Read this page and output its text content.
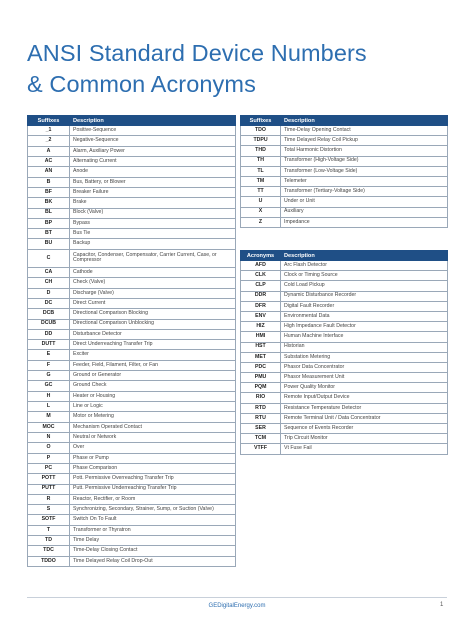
ANSI Standard Device Numbers
& Common Acronyms
Suffixes	Description
_1	Positive-Sequence
_2	Negative-Sequence
A	Alarm, Auxiliary Power
AC	Alternating Current
AN	Anode
B	Bus, Battery, or Blower
BF	Breaker Failure
BK	Brake
BL	Block (Valve)
BP	Bypass
BT	Bus Tie
BU	Backup
C	Capacitor, Condenser, Compensator, Carrier Current, Case, or Compressor
CA	Cathode
CH	Check (Valve)
D	Discharge (Valve)
DC	Direct Current
DCB	Directional Comparison Blocking
DCUB	Directional Comparison Unblocking
DD	Disturbance Detector
DUTT	Direct Underreaching Transfer Trip
E	Exciter
F	Feeder, Field, Filament, Filter, or Fan
G	Ground or Generator
GC	Ground Check
H	Heater or Housing
L	Line or Logic
M	Motor or Metering
MOC	Mechanism Operated Contact
N	Neutral or Network
O	Over
P	Phase or Pump
PC	Phase Comparison
POTT	Pott. Permissive Overreaching Transfer Trip
PUTT	Putt. Permissive Underreaching Transfer Trip
R	Reactor, Rectifier, or Room
S	Synchronizing, Secondary, Strainer, Sump, or Suction (Valve)
SOTF	Switch On To Fault
T	Transformer or Thyratron
TD	Time Delay
TDC	Time-Delay Closing Contact
TDDO	Time Delayed Relay Coil Drop-Out
Suffixes	Description
TDO	Time-Delay Opening Contact
TDPU	Time Delayed Relay Coil Pickup
THD	Total Harmonic Distortion
TH	Transformer (High-Voltage Side)
TL	Transformer (Low-Voltage Side)
TM	Telemeter
TT	Transformer (Tertiary-Voltage Side)
U	Under or Unit
X	Auxiliary
Z	Impedance
Acronyms	Description
AFD	Arc Flash Detector
CLK	Clock or Timing Source
CLP	Cold Load Pickup
DDR	Dynamic Disturbance Recorder
DFR	Digital Fault Recorder
ENV	Environmental Data
HIZ	High Impedance Fault Detector
HMI	Human Machine Interface
HST	Historian
MET	Substation Metering
PDC	Phasor Data Concentrator
PMU	Phasor Measurement Unit
PQM	Power Quality Monitor
RIO	Remote Input/Output Device
RTD	Resistance Temperature Detector
RTU	Remote Terminal Unit / Data Concentrator
SER	Sequence of Events Recorder
TCM	Trip Circuit Monitor
VTFF	Vt Fuse Fail
GEDigitalEnergy.com	1
